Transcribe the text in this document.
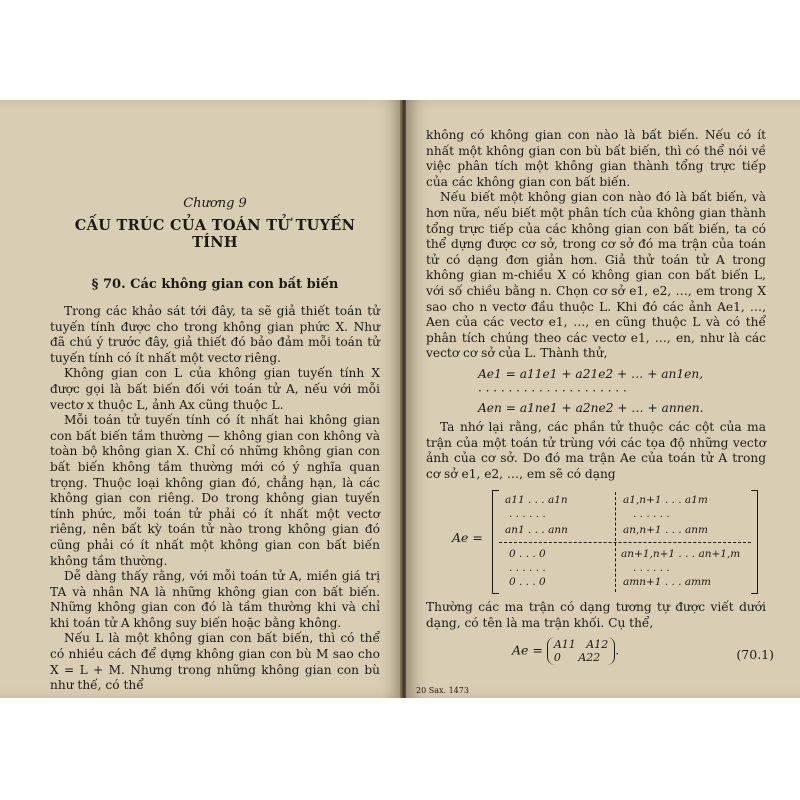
Chương 9
CẤU TRÚC CỦA TOÁN TỬ TUYẾN TÍNH
§ 70. Các không gian con bất biến

Trong các khảo sát tới đây, ta sẽ giả thiết toán tử tuyến tính được cho trong không gian phức X. Như đã chú ý trước đây, giả thiết đó bảo đảm mỗi toán tử tuyến tính có ít nhất một vectơ riêng.

Không gian con L của không gian tuyến tính X được gọi là bất biến đối với toán tử A, nếu với mỗi vectơ x thuộc L, ảnh Ax cũng thuộc L.

Mỗi toán tử tuyến tính có ít nhất hai không gian con bất biến tầm thường — không gian con không và toàn bộ không gian X. Chỉ có những không gian con bất biến không tầm thường mới có ý nghĩa quan trọng. Thuộc loại không gian đó, chẳng hạn, là các không gian con riêng. Do trong không gian tuyến tính phức, mỗi toán tử phải có ít nhất một vectơ riêng, nên bất kỳ toán tử nào trong không gian đó cũng phải có ít nhất một không gian con bất biến không tầm thường.

Dễ dàng thấy rằng, với mỗi toán tử A, miền giá trị TA và nhân NA là những không gian con bất biến. Những không gian con đó là tầm thường khi và chỉ khi toán tử A không suy biến hoặc bằng không.

Nếu L là một không gian con bất biến, thì có thể có nhiều cách để dựng không gian con bù M sao cho X = L + M. Nhưng trong những không gian con bù như thế, có thể

không có không gian con nào là bất biến. Nếu có ít nhất một không gian con bù bất biến, thì có thể nói về việc phân tích một không gian thành tổng trực tiếp của các không gian con bất biến.

Nếu biết một không gian con nào đó là bất biến, và hơn nữa, nếu biết một phân tích của không gian thành tổng trực tiếp của các không gian con bất biến, ta có thể dựng được cơ sở, trong cơ sở đó ma trận của toán tử có dạng đơn giản hơn. Giả thử toán tử A trong không gian m-chiều X có không gian con bất biến L, với số chiều bằng n. Chọn cơ sở e1, e2, …, em trong X sao cho n vectơ đầu thuộc L. Khi đó các ảnh Ae1, …, Aen của các vectơ e1, …, en cũng thuộc L và có thể phân tích chúng theo các vectơ e1, …, en, như là các vectơ cơ sở của L. Thành thử,

Ae1 = a11e1 + a21e2 + … + an1en,
· · · · · · · · · · · · · · · · · · · ·
Aen = a1ne1 + a2ne2 + … + annen.

Ta nhớ lại rằng, các phần tử thuộc các cột của ma trận của một toán tử trùng với các tọa độ những vectơ ảnh của cơ sở. Do đó ma trận Ae của toán tử A trong cơ sở e1, e2, …, em sẽ có dạng

Ae =
a11 . . . a1n	a1,n+1 . . . a1m
. . . . . .	. . . . . .
an1 . . . ann	an,n+1 . . . anm
0 . . . 0	an+1,n+1 . . . an+1,m
. . . . . .	. . . . . .
0 . . . 0	amn+1 . . . amm

Thường các ma trận có dạng tương tự được viết dưới dạng, có tên là ma trận khối. Cụ thể,

Ae = A11   A12
0     A22	.	(70.1)
20 Sax. 1473
